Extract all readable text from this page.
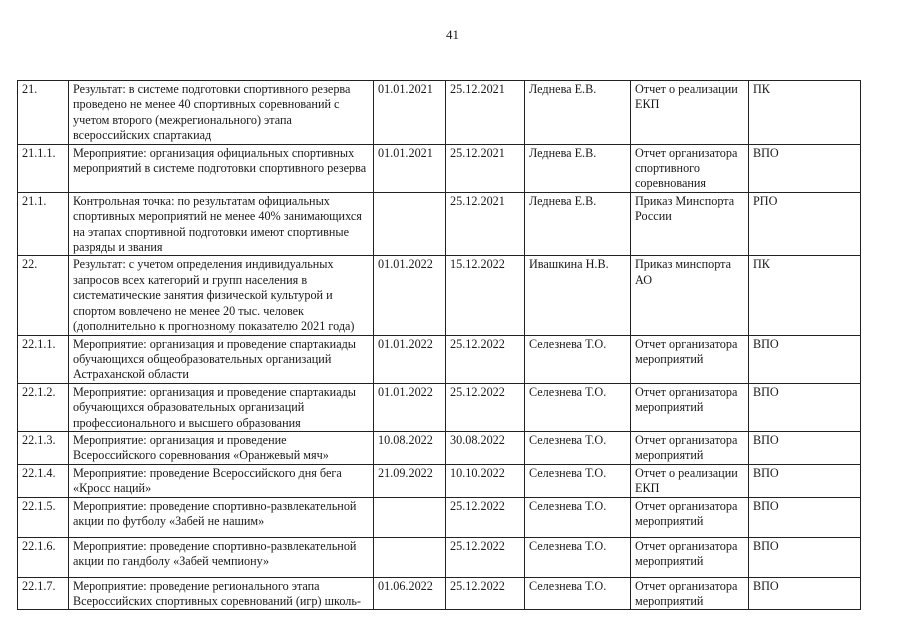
41
21.	Результат: в системе подготовки спортивного резерва проведено не менее 40 спортивных соревнований с учетом второго (межрегионального) этапа всероссийских спартакиад	01.01.2021	25.12.2021	Леднева Е.В.	Отчет о реализации ЕКП	ПК
21.1.1.	Мероприятие: организация официальных спортивных мероприятий в системе подготовки спортивного резерва	01.01.2021	25.12.2021	Леднева Е.В.	Отчет организатора спортивного соревнования	ВПО
21.1.	Контрольная точка: по результатам официальных спортивных мероприятий не менее 40% занимающихся на этапах спортивной подготовки имеют спортивные разряды и звания		25.12.2021	Леднева Е.В.	Приказ Минспорта России	РПО
22.	Результат: с учетом определения индивидуальных запросов всех категорий и групп населения в систематические занятия физической культурой и спортом вовлечено не менее 20 тыс. человек (дополнительно к прогнозному показателю 2021 года)	01.01.2022	15.12.2022	Ивашкина Н.В.	Приказ минспорта АО	ПК
22.1.1.	Мероприятие: организация и проведение спартакиады обучающихся общеобразовательных организаций Астраханской области	01.01.2022	25.12.2022	Селезнева Т.О.	Отчет организатора мероприятий	ВПО
22.1.2.	Мероприятие: организация и проведение спартакиады обучающихся образовательных организаций профессионального и высшего образования	01.01.2022	25.12.2022	Селезнева Т.О.	Отчет организатора мероприятий	ВПО
22.1.3.	Мероприятие: организация и проведение Всероссийского соревнования «Оранжевый мяч»	10.08.2022	30.08.2022	Селезнева Т.О.	Отчет организатора мероприятий	ВПО
22.1.4.	Мероприятие: проведение Всероссийского дня бега «Кросс наций»	21.09.2022	10.10.2022	Селезнева Т.О.	Отчет о реализации ЕКП	ВПО
22.1.5.	Мероприятие: проведение спортивно-развлекательной акции по футболу «Забей не нашим»		25.12.2022	Селезнева Т.О.	Отчет организатора мероприятий	ВПО
22.1.6.	Мероприятие: проведение спортивно-развлекательной акции по гандболу «Забей чемпиону»		25.12.2022	Селезнева Т.О.	Отчет организатора мероприятий	ВПО
22.1.7.	Мероприятие: проведение регионального этапа Всероссийских спортивных соревнований (игр) школь-	01.06.2022	25.12.2022	Селезнева Т.О.	Отчет организатора мероприятий	ВПО
